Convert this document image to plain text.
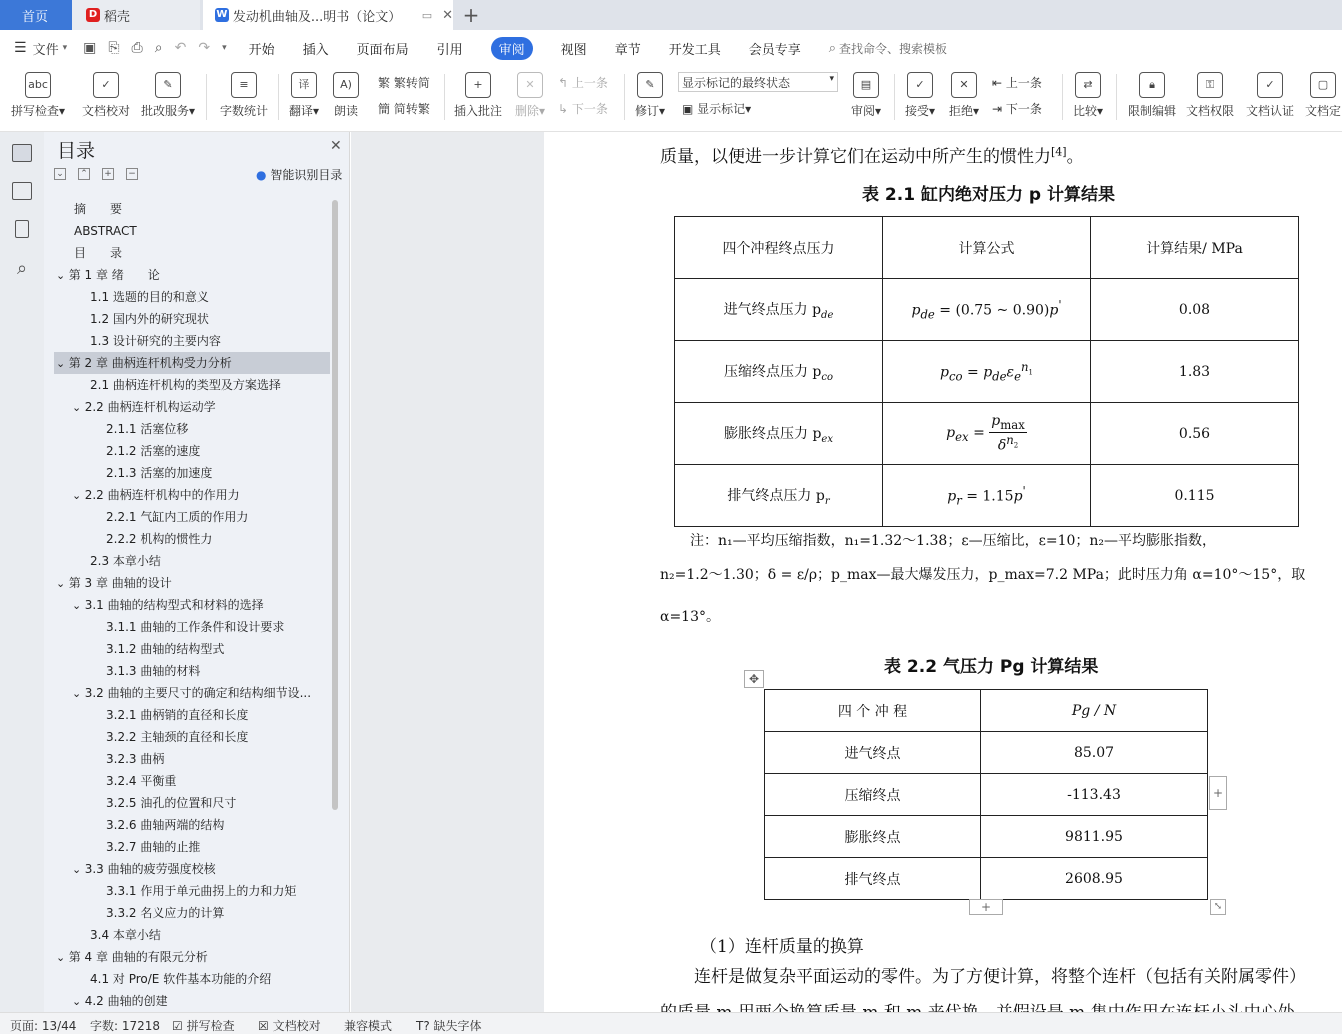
首页	D 稻壳	W 发动机曲轴及...明书（论文） ▭ ✕ +
☰ 文件 ▾ ▣ ⎘ ⎙ ⌕ ↶ ↷ ▾ 开始 插入 页面布局 引用	审阅	视图 章节 开发工具 会员专享 ⌕ 查找命令、搜索模板
abc
拼写检查▾
✓
文档校对
✎
批改服务▾
≡
字数统计
译
翻译▾
A)
朗读
繁 繁转简
簡 简转繁
+
插入批注
✕
删除▾
↰ 上一条
↳ 下一条
✎
修订▾
显示标记的最终状态	▾
▣ 显示标记▾
▤
审阅▾
✓
接受▾
✕
拒绝▾
⇤ 上一条
⇥ 下一条
⇄
比较▾
🔒︎
限制编辑
⚿
文档权限
✓
文档认证
▢
文档定
⌕
目录	✕
⌄ ⌃ + −	● 智能识别目录
摘　　要
ABSTRACT
目　　录
⌄ 第 1 章 绪　　论
1.1 选题的目的和意义
1.2 国内外的研究现状
1.3 设计研究的主要内容
⌄ 第 2 章 曲柄连杆机构受力分析
2.1 曲柄连杆机构的类型及方案选择
⌄ 2.2 曲柄连杆机构运动学
2.1.1 活塞位移
2.1.2 活塞的速度
2.1.3 活塞的加速度
⌄ 2.2 曲柄连杆机构中的作用力
2.2.1 气缸内工质的作用力
2.2.2 机构的惯性力
2.3 本章小结
⌄ 第 3 章 曲轴的设计
⌄ 3.1 曲轴的结构型式和材料的选择
3.1.1 曲轴的工作条件和设计要求
3.1.2 曲轴的结构型式
3.1.3 曲轴的材料
⌄ 3.2 曲轴的主要尺寸的确定和结构细节设...
3.2.1 曲柄销的直径和长度
3.2.2 主轴颈的直径和长度
3.2.3 曲柄
3.2.4 平衡重
3.2.5 油孔的位置和尺寸
3.2.6 曲轴两端的结构
3.2.7 曲轴的止推
⌄ 3.3 曲轴的疲劳强度校核
3.3.1 作用于单元曲拐上的力和力矩
3.3.2 名义应力的计算
3.4 本章小结
⌄ 第 4 章 曲轴的有限元分析
4.1 对 Pro/E 软件基本功能的介绍
⌄ 4.2 曲轴的创建
质量，以便进一步计算它们在运动中所产生的惯性力[4]。
表 2.1 缸内绝对压力 p 计算结果
四个冲程终点压力	计算公式	计算结果/ MPa
进气终点压力 $p_{de}$	$p_{de} = (0.75$ ~ 0.90)p'	0.08
压缩终点压力 $p_{co}$	$p_{co} = p_{de}\varepsilon_e^{n_1}$	1.83
膨胀终点压力 $p_{ex}$	$p_{ex}$ =
$p_{max}$
$\delta^{n_2}$	0.56
排气终点压力 $p_r$	$p_r = 1.15p'$	0.115
注：n₁—平均压缩指数，n₁=1.32～1.38；ε—压缩比，ε=10；n₂—平均膨胀指数，
n₂=1.2～1.30；δ = ε/ρ；p_max—最大爆发压力，p_max=7.2 MPa；此时压力角 α=10°～15°，取
α=13°。
表 2.2 气压力 Pg 计算结果
✥
四 个 冲 程	Pg / N
进气终点	85.07
压缩终点	-113.43
膨胀终点	9811.95
排气终点	2608.95
+
+	⤡
（1）连杆质量的换算
连杆是做复杂平面运动的零件。为了方便计算，将整个连杆（包括有关附属零件）
页面: 13/44 字数: 17218 ☑ 拼写检查 ☒ 文档校对 兼容模式 T? 缺失字体
